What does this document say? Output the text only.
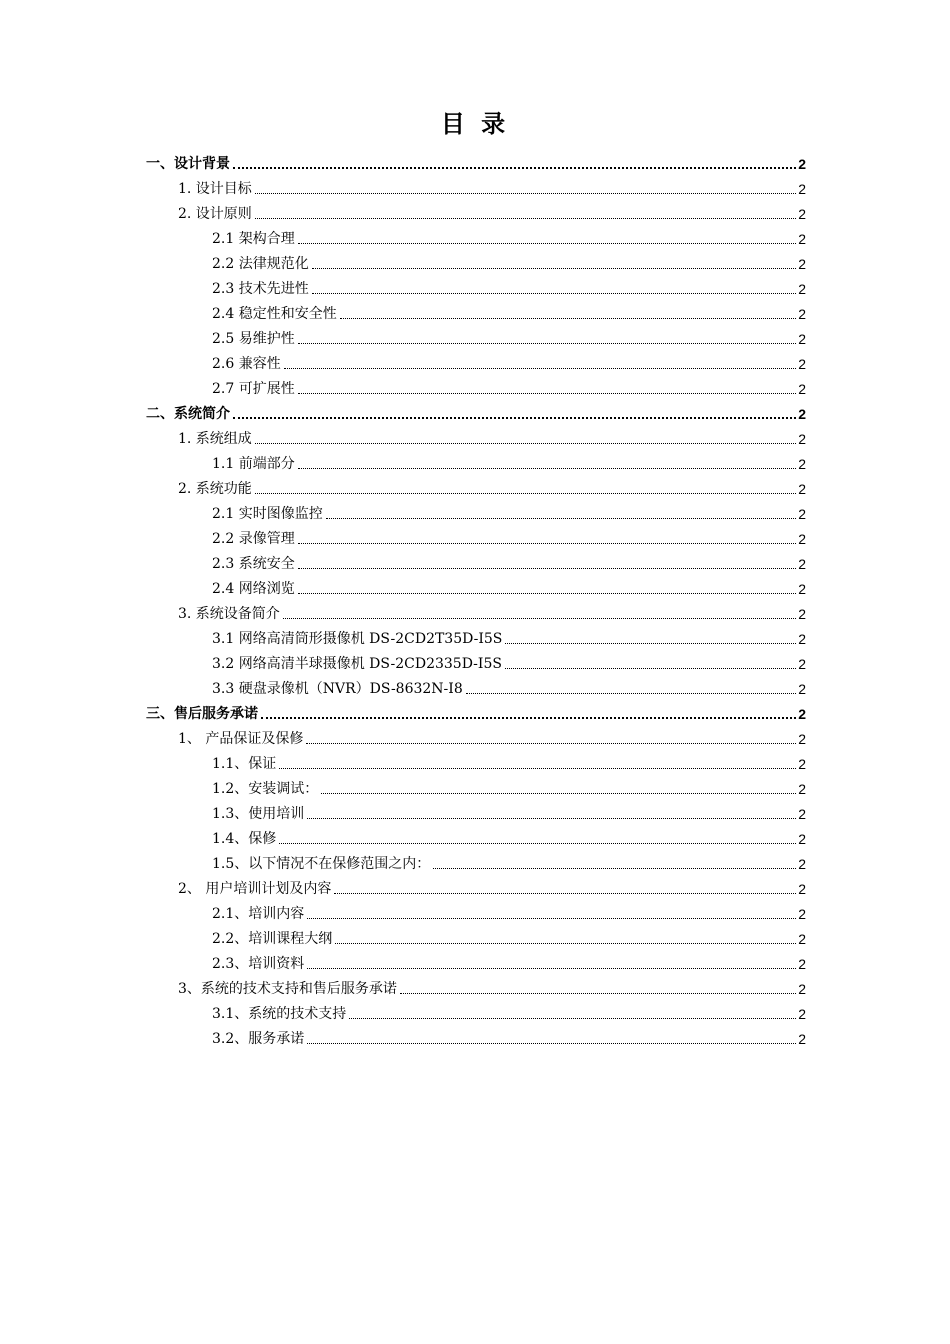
目 录
一、设计背景	2
1. 设计目标	2
2. 设计原则	2
2.1 架构合理	2
2.2 法律规范化	2
2.3 技术先进性	2
2.4 稳定性和安全性	2
2.5 易维护性	2
2.6 兼容性	2
2.7 可扩展性	2
二、系统简介	2
1. 系统组成	2
1.1 前端部分	2
2. 系统功能	2
2.1 实时图像监控	2
2.2 录像管理	2
2.3 系统安全	2
2.4 网络浏览	2
3. 系统设备简介	2
3.1 网络高清筒形摄像机 DS-2CD2T35D-I5S	2
3.2 网络高清半球摄像机 DS-2CD2335D-I5S	2
3.3 硬盘录像机（NVR）DS-8632N-I8	2
三、售后服务承诺	2
1、 产品保证及保修	2
1.1、保证	2
1.2、安装调试：	2
1.3、使用培训	2
1.4、保修	2
1.5、以下情况不在保修范围之内：	2
2、 用户培训计划及内容	2
2.1、培训内容	2
2.2、培训课程大纲	2
2.3、培训资料	2
3、系统的技术支持和售后服务承诺	2
3.1、系统的技术支持	2
3.2、服务承诺	2
